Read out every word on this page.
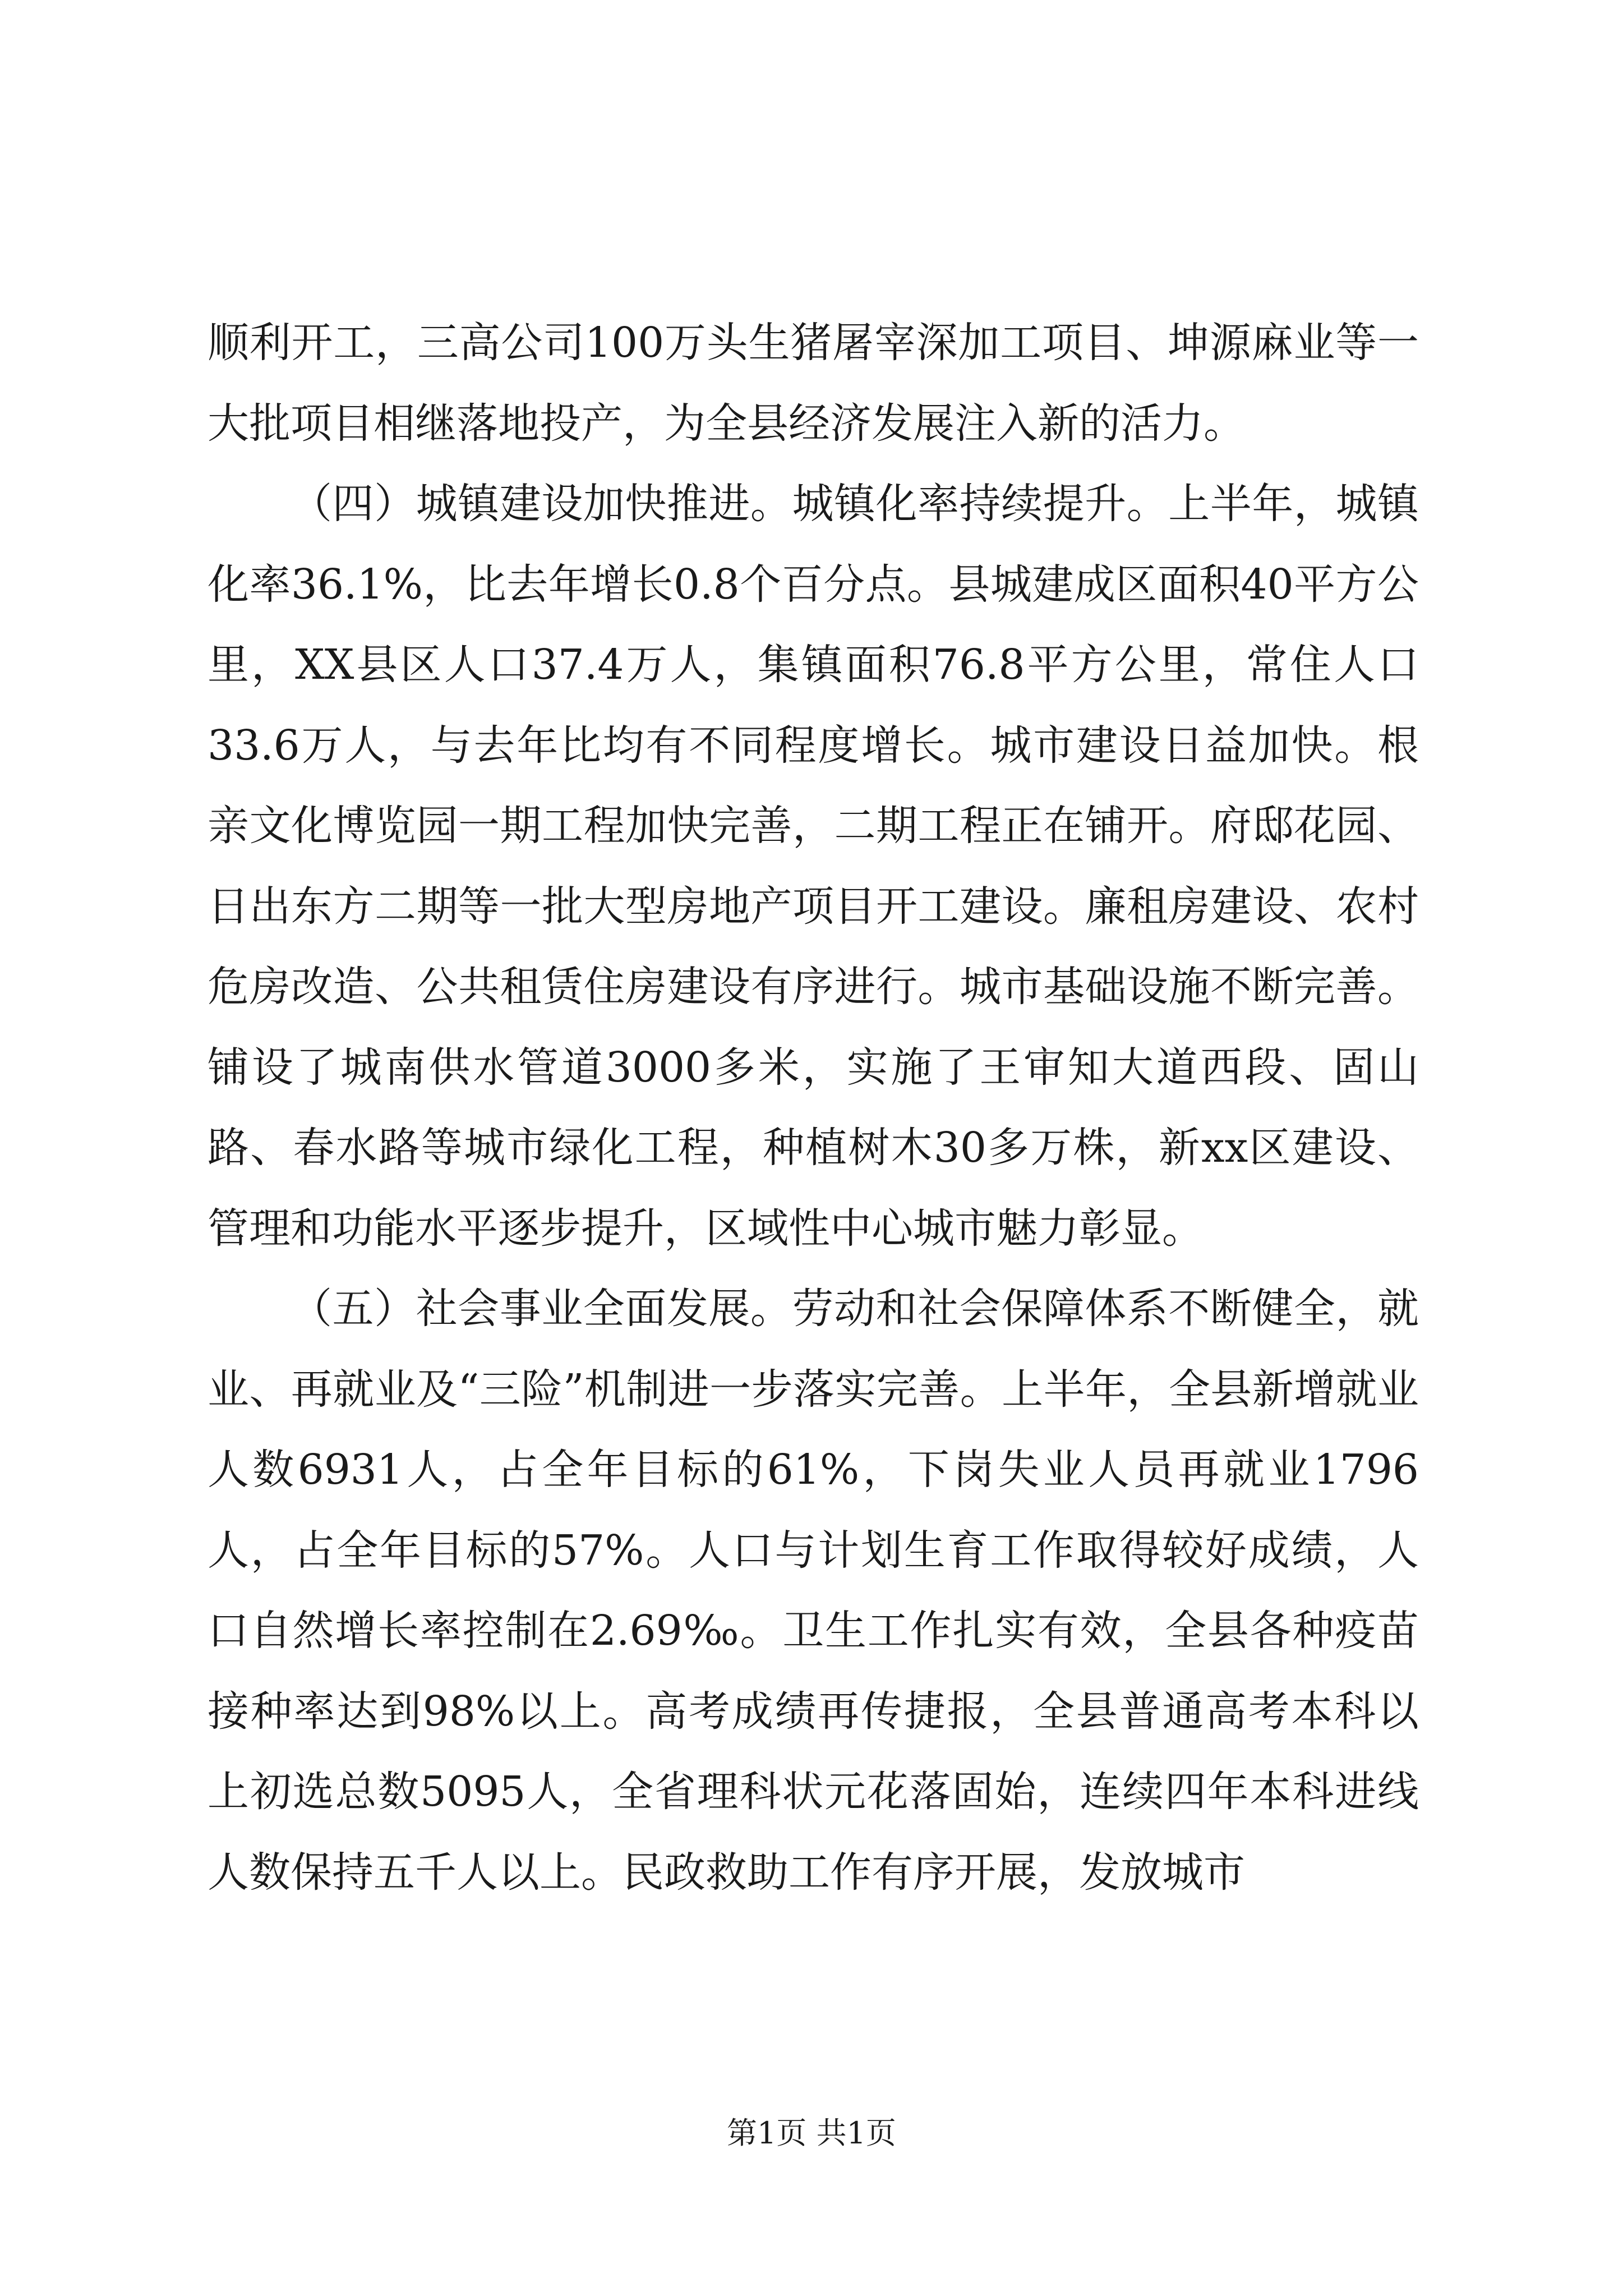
顺利开工，三高公司100万头生猪屠宰深加工项目、坤源麻业等一大批项目相继落地投产，为全县经济发展注入新的活力。

（四）城镇建设加快推进。城镇化率持续提升。上半年，城镇化率36.1%，比去年增长0.8个百分点。县城建成区面积40平方公里，XX县区人口37.4万人，集镇面积76.8平方公里，常住人口33.6万人，与去年比均有不同程度增长。城市建设日益加快。根亲文化博览园一期工程加快完善，二期工程正在铺开。府邸花园、日出东方二期等一批大型房地产项目开工建设。廉租房建设、农村危房改造、公共租赁住房建设有序进行。城市基础设施不断完善。铺设了城南供水管道3000多米，实施了王审知大道西段、固山路、春水路等城市绿化工程，种植树木30多万株，新xx区建设、管理和功能水平逐步提升，区域性中心城市魅力彰显。

（五）社会事业全面发展。劳动和社会保障体系不断健全，就业、再就业及“三险”机制进一步落实完善。上半年，全县新增就业人数6931人，占全年目标的61%，下岗失业人员再就业1796人，占全年目标的57%。人口与计划生育工作取得较好成绩，人口自然增长率控制在2.69‰。卫生工作扎实有效，全县各种疫苗接种率达到98%以上。高考成绩再传捷报，全县普通高考本科以上初选总数5095人，全省理科状元花落固始，连续四年本科进线人数保持五千人以上。民政救助工作有序开展，发放城市

第1页 共1页
